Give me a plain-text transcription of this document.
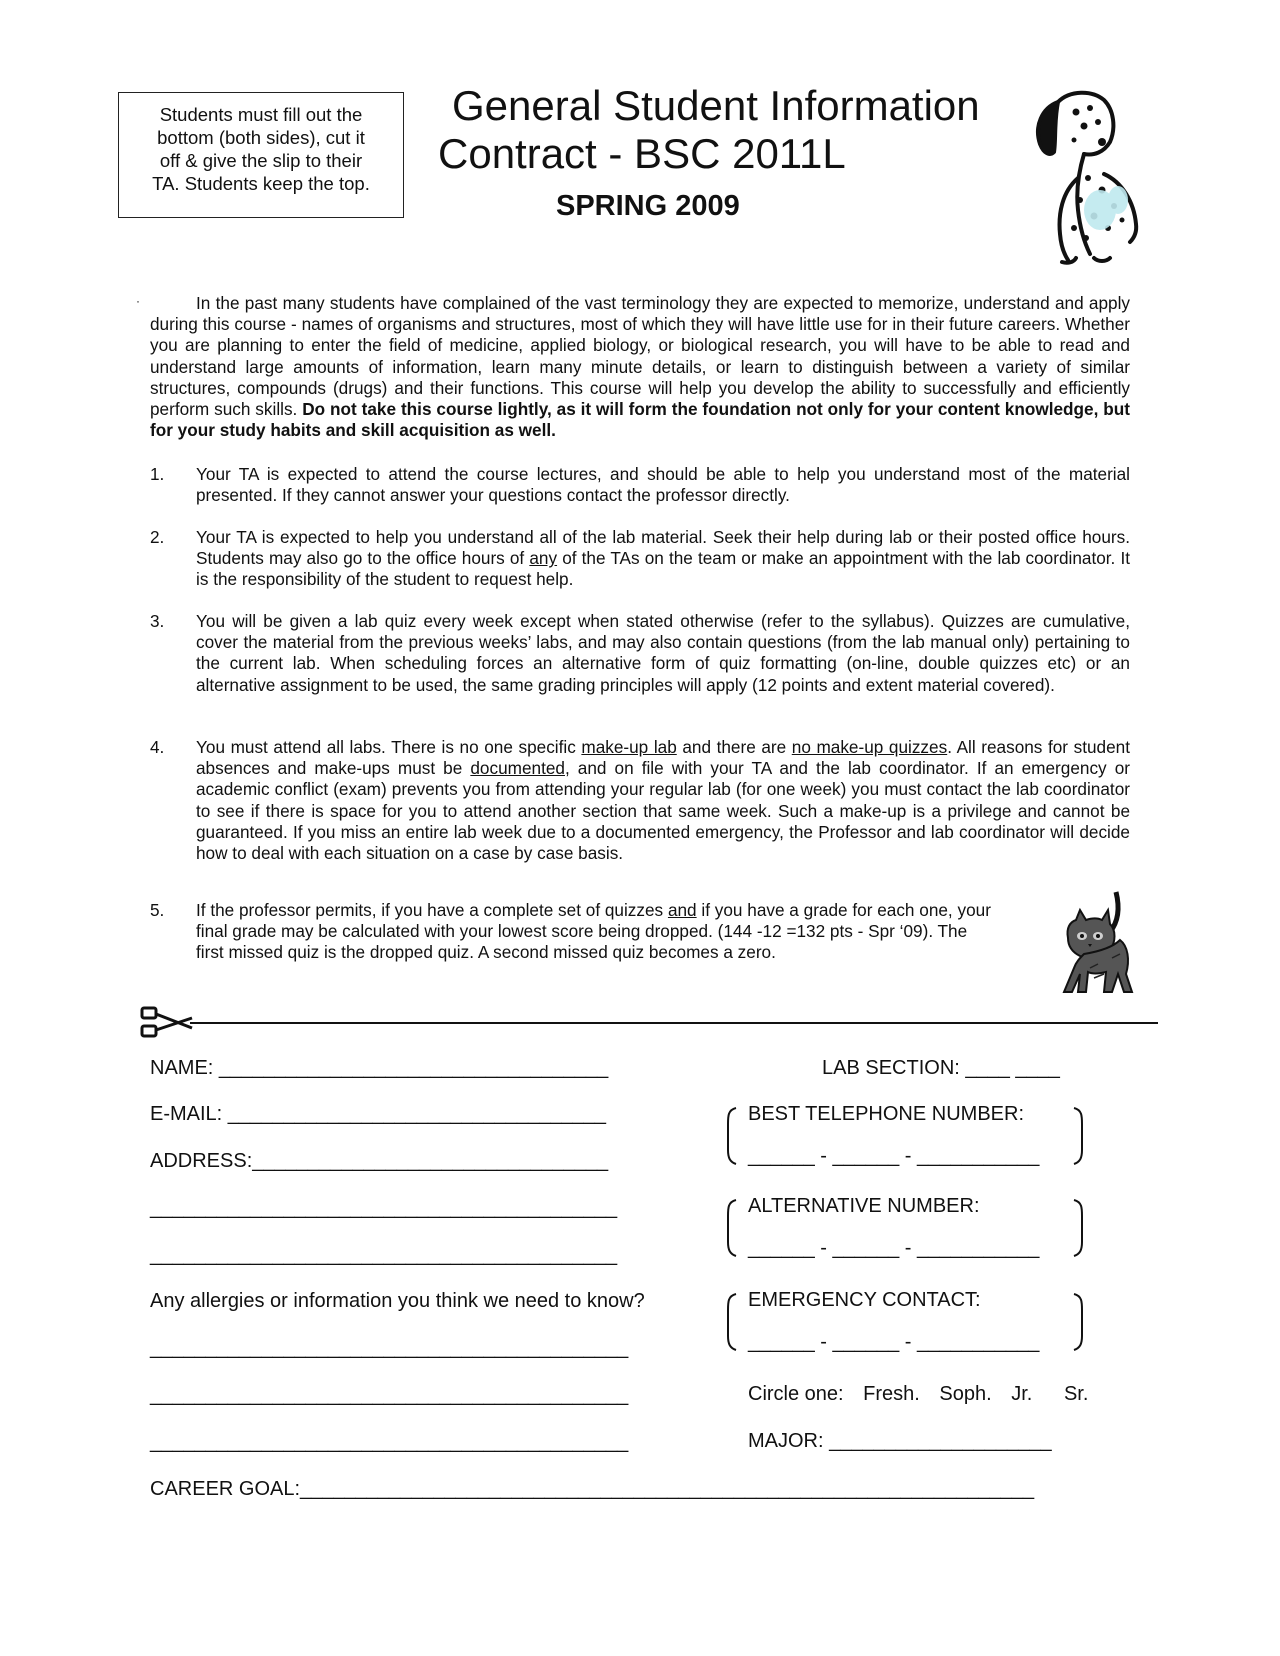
Students must fill out the
bottom (both sides), cut it
off & give the slip to their
TA. Students keep the top.
General Student Information
Contract - BSC 2011L
SPRING 2009
·	In the past many students have complained of the vast terminology they are expected to memorize, understand and apply during this course - names of organisms and structures, most of which they will have little use for in their future careers. Whether you are planning to enter the field of medicine, applied biology, or biological research, you will have to be able to read and understand large amounts of information, learn many minute details, or learn to distinguish between a variety of similar structures, compounds (drugs) and their functions. This course will help you develop the ability to successfully and efficiently perform such skills. Do not take this course lightly, as it will form the foundation not only for your content knowledge, but for your study habits and skill acquisition as well.
1. Your TA is expected to attend the course lectures, and should be able to help you understand most of the material presented. If they cannot answer your questions contact the professor directly.
2. Your TA is expected to help you understand all of the lab material. Seek their help during lab or their posted office hours. Students may also go to the office hours of any of the TAs on the team or make an appointment with the lab coordinator. It is the responsibility of the student to request help.
3. You will be given a lab quiz every week except when stated otherwise (refer to the syllabus). Quizzes are cumulative, cover the material from the previous weeks’ labs, and may also contain questions (from the lab manual only) pertaining to the current lab. When scheduling forces an alternative form of quiz formatting (on-line, double quizzes etc) or an alternative assignment to be used, the same grading principles will apply (12 points and extent material covered).
4. You must attend all labs. There is no one specific make-up lab and there are no make-up quizzes. All reasons for student absences and make-ups must be documented, and on file with your TA and the lab coordinator. If an emergency or academic conflict (exam) prevents you from attending your regular lab (for one week) you must contact the lab coordinator to see if there is space for you to attend another section that same week. Such a make-up is a privilege and cannot be guaranteed. If you miss an entire lab week due to a documented emergency, the Professor and lab coordinator will decide how to deal with each situation on a case by case basis.
5. If the professor permits, if you have a complete set of quizzes and if you have a grade for each one, your
final grade may be calculated with your lowest score being dropped. (144 -12 =132 pts - Spr ‘09). The
first missed quiz is the dropped quiz. A second missed quiz becomes a zero.
NAME: ___________________________________	LAB SECTION: ____ ____
E-MAIL: __________________________________
ADDRESS:________________________________
__________________________________________
__________________________________________
BEST TELEPHONE NUMBER:
______ - ______ - ___________
ALTERNATIVE NUMBER:
______ - ______ - ___________
Any allergies or information you think we need to know?
___________________________________________
___________________________________________
___________________________________________
EMERGENCY CONTACT:
______ - ______ - ___________
Circle one: Fresh. Soph. Jr. Sr.
MAJOR: ____________________
CAREER GOAL:__________________________________________________________________
